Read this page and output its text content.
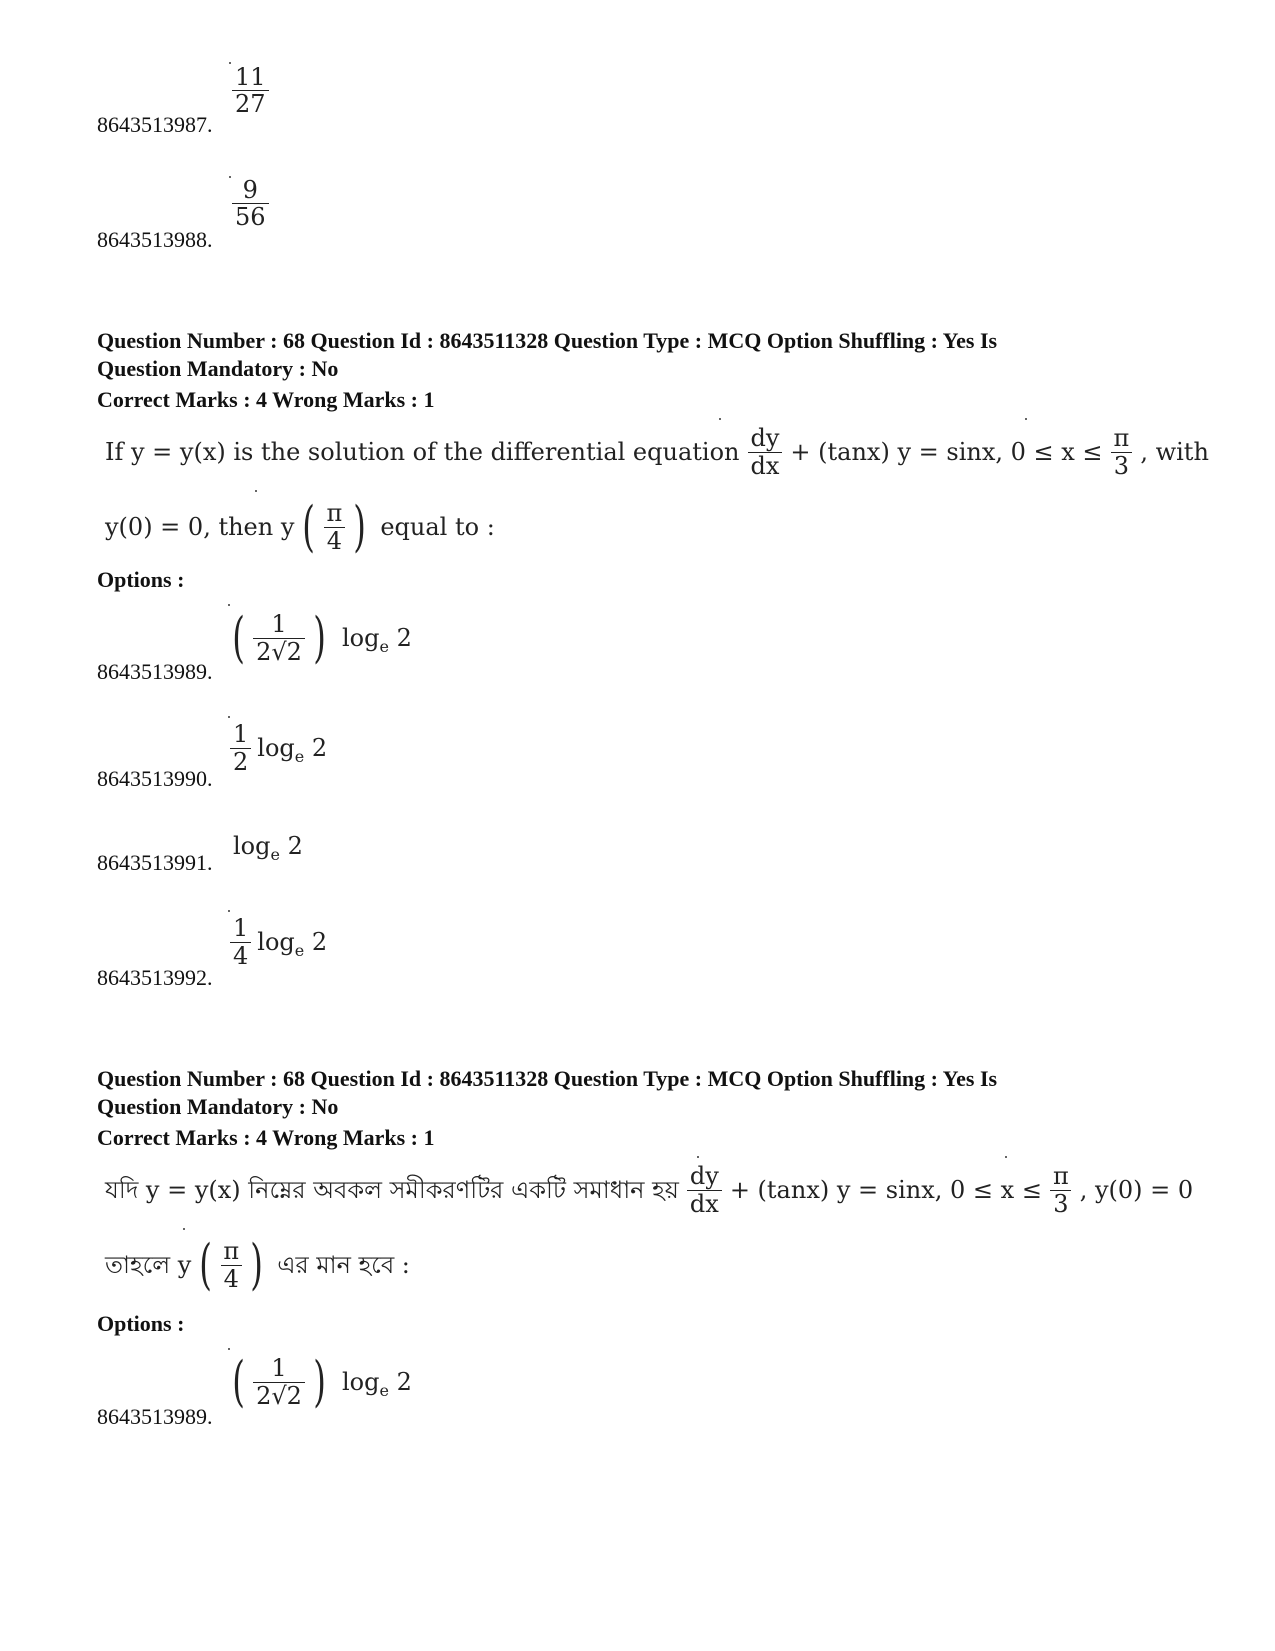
$\frac{11}{27}$
8643513987.
$\frac{9}{56}$
8643513988.
Question Number : 68 Question Id : 8643511328 Question Type : MCQ Option Shuffling : Yes Is
Question Mandatory : No
Correct Marks : 4 Wrong Marks : 1
If y = y(x) is the solution of the differential equation $\frac{dy}{dx} + (\tan x) y = \sin x$, $0 \le x \le \frac{\pi}{3}$ , with
y(0) = 0, then y ( $\frac{\pi}{4}$ ) equal to :
Options :
( $\frac{1}{2√2}$ ) $\log_e 2$
8643513989.
$\frac{1}{2} \log_e 2$
8643513990.
$\log_e 2$
8643513991.
$\frac{1}{4} \log_e 2$
8643513992.
Question Number : 68 Question Id : 8643511328 Question Type : MCQ Option Shuffling : Yes Is
Question Mandatory : No
Correct Marks : 4 Wrong Marks : 1
যদি y = y(x) নিম্নের অবকল সমীকরণটির একটি সমাধান হয় $\frac{dy}{dx} + (\tan x) y = \sin x$, $0 \le x \le \frac{\pi}{3}$ , y(0) = 0
তাহলে y ( $\frac{\pi}{4}$ ) এর মান হবে :
Options :
( $\frac{1}{2√2}$ ) $\log_e 2$
8643513989.
